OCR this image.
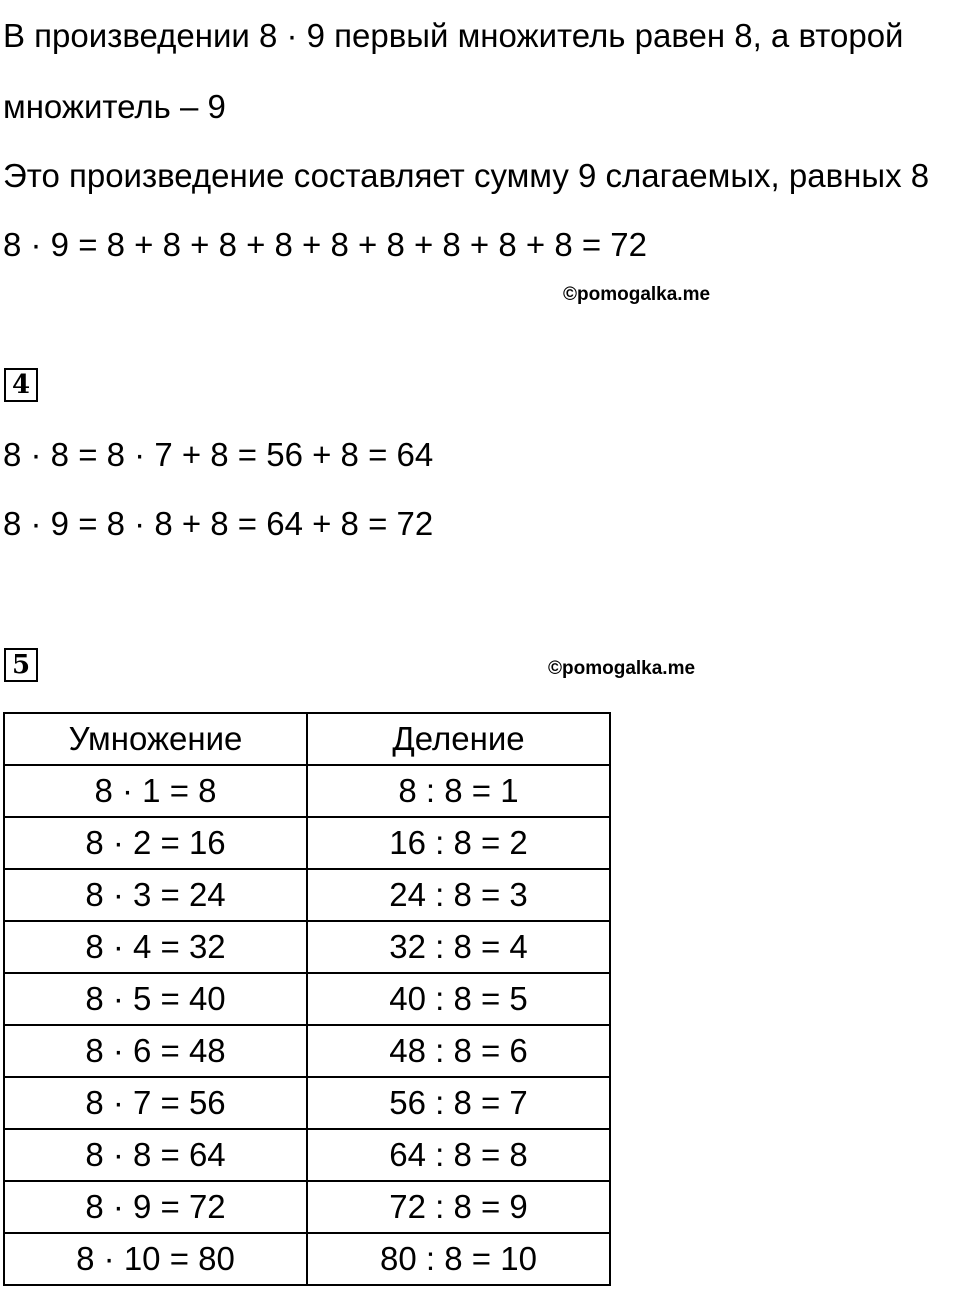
В произведении 8 · 9 первый множитель равен 8, а второй
множитель – 9
Это произведение составляет сумму 9 слагаемых, равных 8
8 · 9 = 8 + 8 + 8 + 8 + 8 + 8 + 8 + 8 + 8 = 72
©pomogalka.me
4
8 · 8 = 8 · 7 + 8 = 56 + 8 = 64
8 · 9 = 8 · 8 + 8 = 64 + 8 = 72
5	©pomogalka.me
Умножение	Деление
8 · 1 = 8	8 : 8 = 1
8 · 2 = 16	16 : 8 = 2
8 · 3 = 24	24 : 8 = 3
8 · 4 = 32	32 : 8 = 4
8 · 5 = 40	40 : 8 = 5
8 · 6 = 48	48 : 8 = 6
8 · 7 = 56	56 : 8 = 7
8 · 8 = 64	64 : 8 = 8
8 · 9 = 72	72 : 8 = 9
8 · 10 = 80	80 : 8 = 10
